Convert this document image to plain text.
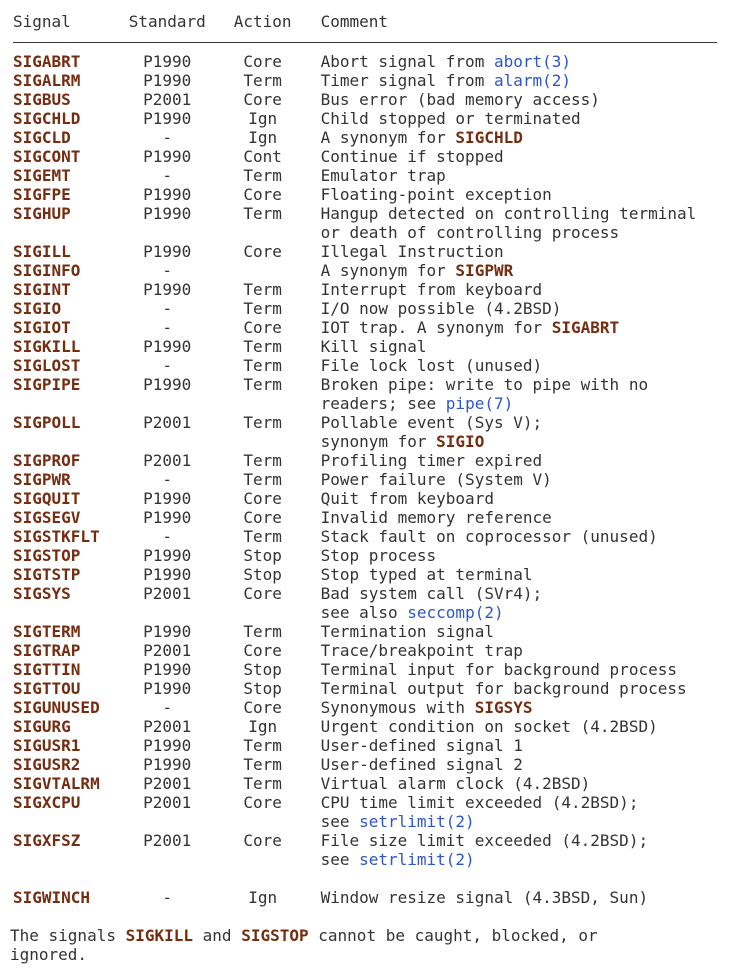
Signal	Standard	Action	Comment
SIGABRT	P1990	Core	Abort signal from abort(3)

SIGALRM	P1990	Term	Timer signal from alarm(2)

SIGBUS	P2001	Core	Bus error (bad memory access)

SIGCHLD	P1990	Ign	Child stopped or terminated

SIGCLD	-	Ign	A synonym for SIGCHLD

SIGCONT	P1990	Cont	Continue if stopped

SIGEMT	-	Term	Emulator trap

SIGFPE	P1990	Core	Floating-point exception

SIGHUP	P1990	Term	Hangup detected on controlling terminal
or death of controlling process

SIGILL	P1990	Core	Illegal Instruction

SIGINFO	-		A synonym for SIGPWR

SIGINT	P1990	Term	Interrupt from keyboard

SIGIO	-	Term	I/O now possible (4.2BSD)

SIGIOT	-	Core	IOT trap. A synonym for SIGABRT

SIGKILL	P1990	Term	Kill signal

SIGLOST	-	Term	File lock lost (unused)

SIGPIPE	P1990	Term	Broken pipe: write to pipe with no
readers; see pipe(7)

SIGPOLL	P2001	Term	Pollable event (Sys V);
synonym for SIGIO

SIGPROF	P2001	Term	Profiling timer expired

SIGPWR	-	Term	Power failure (System V)

SIGQUIT	P1990	Core	Quit from keyboard

SIGSEGV	P1990	Core	Invalid memory reference

SIGSTKFLT	-	Term	Stack fault on coprocessor (unused)

SIGSTOP	P1990	Stop	Stop process

SIGTSTP	P1990	Stop	Stop typed at terminal

SIGSYS	P2001	Core	Bad system call (SVr4);
see also seccomp(2)

SIGTERM	P1990	Term	Termination signal

SIGTRAP	P2001	Core	Trace/breakpoint trap

SIGTTIN	P1990	Stop	Terminal input for background process

SIGTTOU	P1990	Stop	Terminal output for background process

SIGUNUSED	-	Core	Synonymous with SIGSYS

SIGURG	P2001	Ign	Urgent condition on socket (4.2BSD)

SIGUSR1	P1990	Term	User-defined signal 1

SIGUSR2	P1990	Term	User-defined signal 2

SIGVTALRM	P2001	Term	Virtual alarm clock (4.2BSD)

SIGXCPU	P2001	Core	CPU time limit exceeded (4.2BSD);
see setrlimit(2)

SIGXFSZ	P2001	Core	File size limit exceeded (4.2BSD);
see setrlimit(2)

SIGWINCH	-	Ign	Window resize signal (4.3BSD, Sun)
The signals SIGKILL and SIGSTOP cannot be caught, blocked, or
ignored.
